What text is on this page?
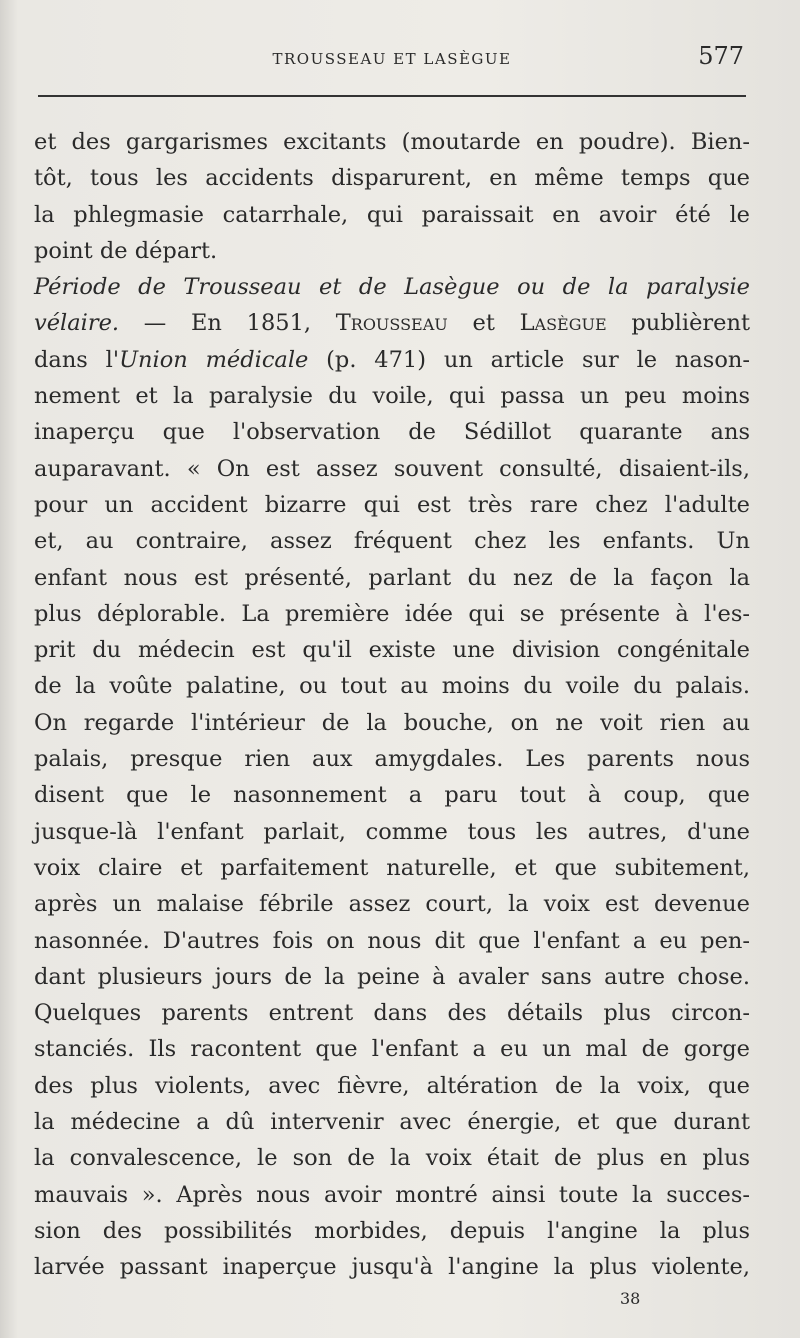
TROUSSEAU ET LASÈGUE	577
et des gargarismes excitants (moutarde en poudre). Bien-
tôt, tous les accidents disparurent, en même temps que
la phlegmasie catarrhale, qui paraissait en avoir été le
point de départ.
Période de Trousseau et de Lasègue ou de la paralysie
vélaire. — En 1851, Trousseau et Lasègue publièrent
dans l'Union médicale (p. 471) un article sur le nason-
nement et la paralysie du voile, qui passa un peu moins
inaperçu que l'observation de Sédillot quarante ans
auparavant. « On est assez souvent consulté, disaient-ils,
pour un accident bizarre qui est très rare chez l'adulte
et, au contraire, assez fréquent chez les enfants. Un
enfant nous est présenté, parlant du nez de la façon la
plus déplorable. La première idée qui se présente à l'es-
prit du médecin est qu'il existe une division congénitale
de la voûte palatine, ou tout au moins du voile du palais.
On regarde l'intérieur de la bouche, on ne voit rien au
palais, presque rien aux amygdales. Les parents nous
disent que le nasonnement a paru tout à coup, que
jusque-là l'enfant parlait, comme tous les autres, d'une
voix claire et parfaitement naturelle, et que subitement,
après un malaise fébrile assez court, la voix est devenue
nasonnée. D'autres fois on nous dit que l'enfant a eu pen-
dant plusieurs jours de la peine à avaler sans autre chose.
Quelques parents entrent dans des détails plus circon-
stanciés. Ils racontent que l'enfant a eu un mal de gorge
des plus violents, avec fièvre, altération de la voix, que
la médecine a dû intervenir avec énergie, et que durant
la convalescence, le son de la voix était de plus en plus
mauvais ». Après nous avoir montré ainsi toute la succes-
sion des possibilités morbides, depuis l'angine la plus
larvée passant inaperçue jusqu'à l'angine la plus violente,
38
